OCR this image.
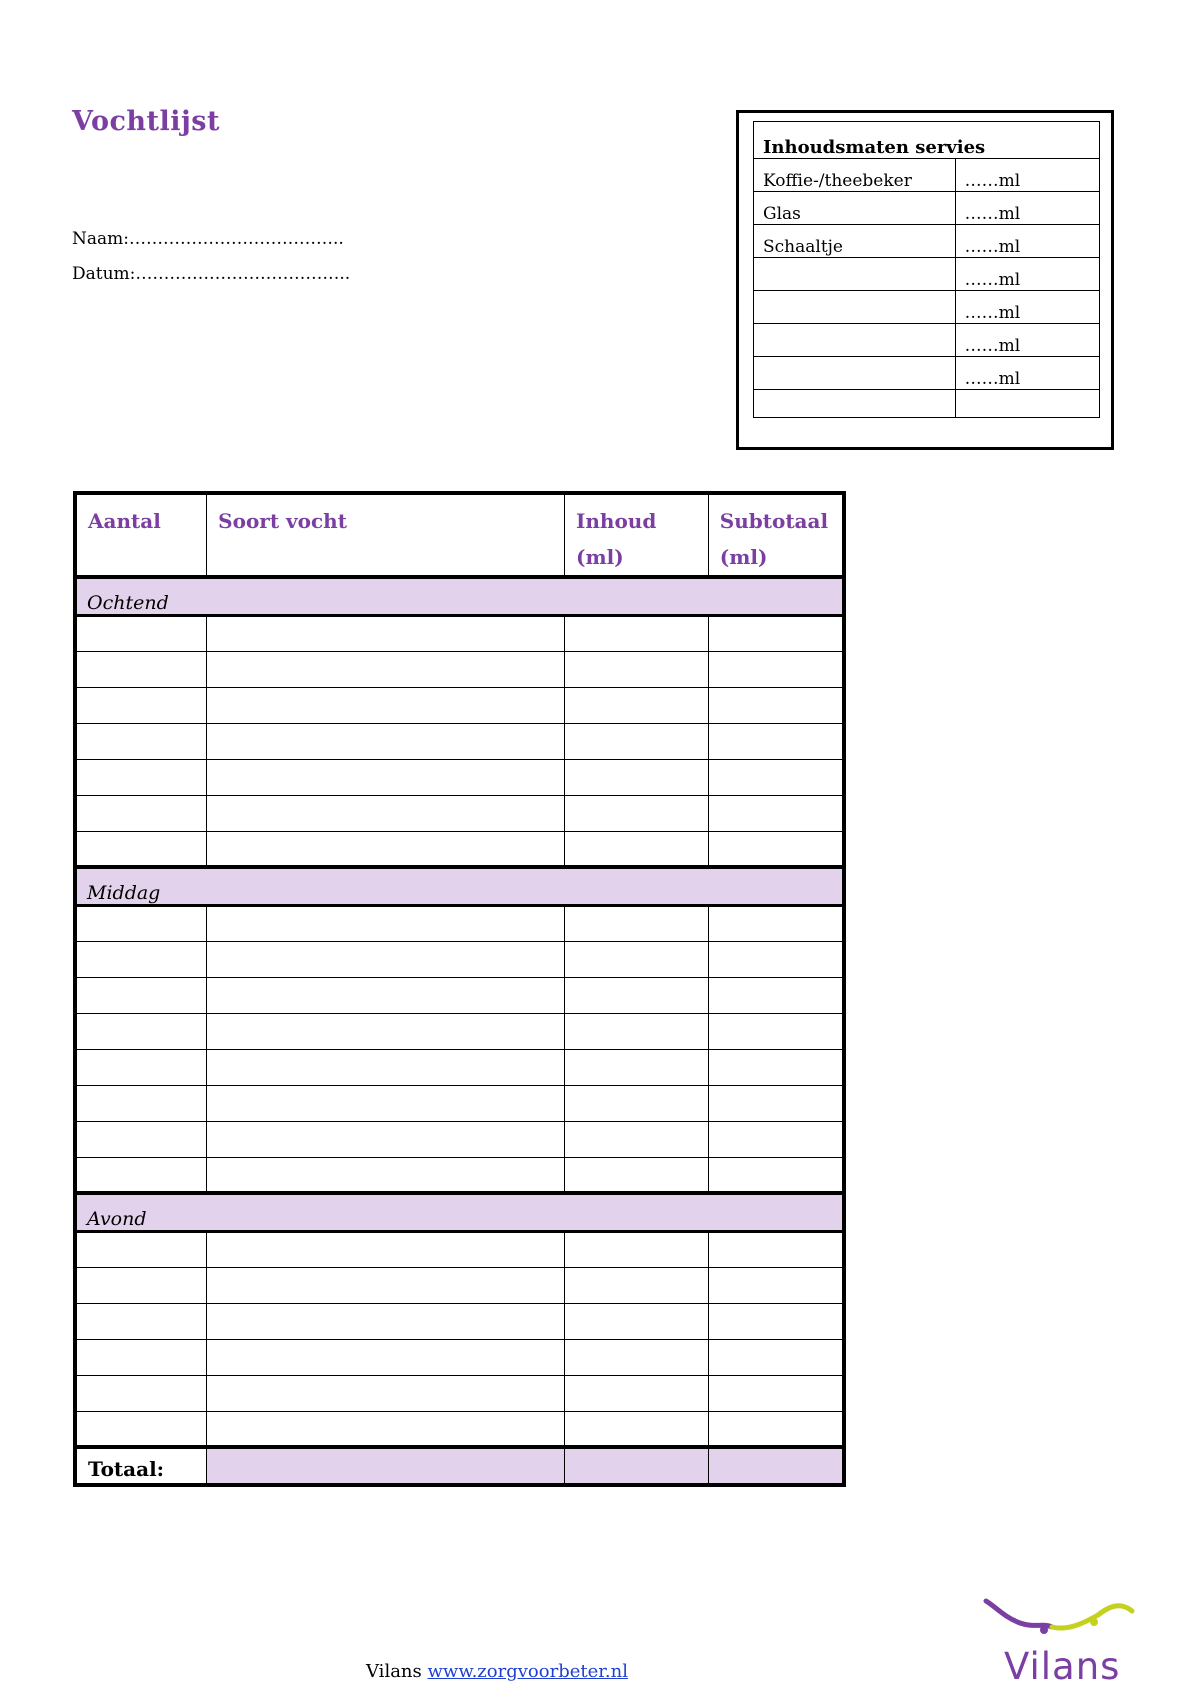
Vochtlijst
Naam:………………………………..
Datum:………………………………..
Inhoudsmaten servies	
Koffie-/theebeker	……ml
Glas	……ml
Schaaltje	……ml
	……ml
	……ml
	……ml
	……ml

Aantal	Soort vocht	Inhoud (ml)	Subtotaal (ml)
Ochtend			

Middag			

Avond			

Totaal:			
Vilans www.zorgvoorbeter.nl	Vilans
